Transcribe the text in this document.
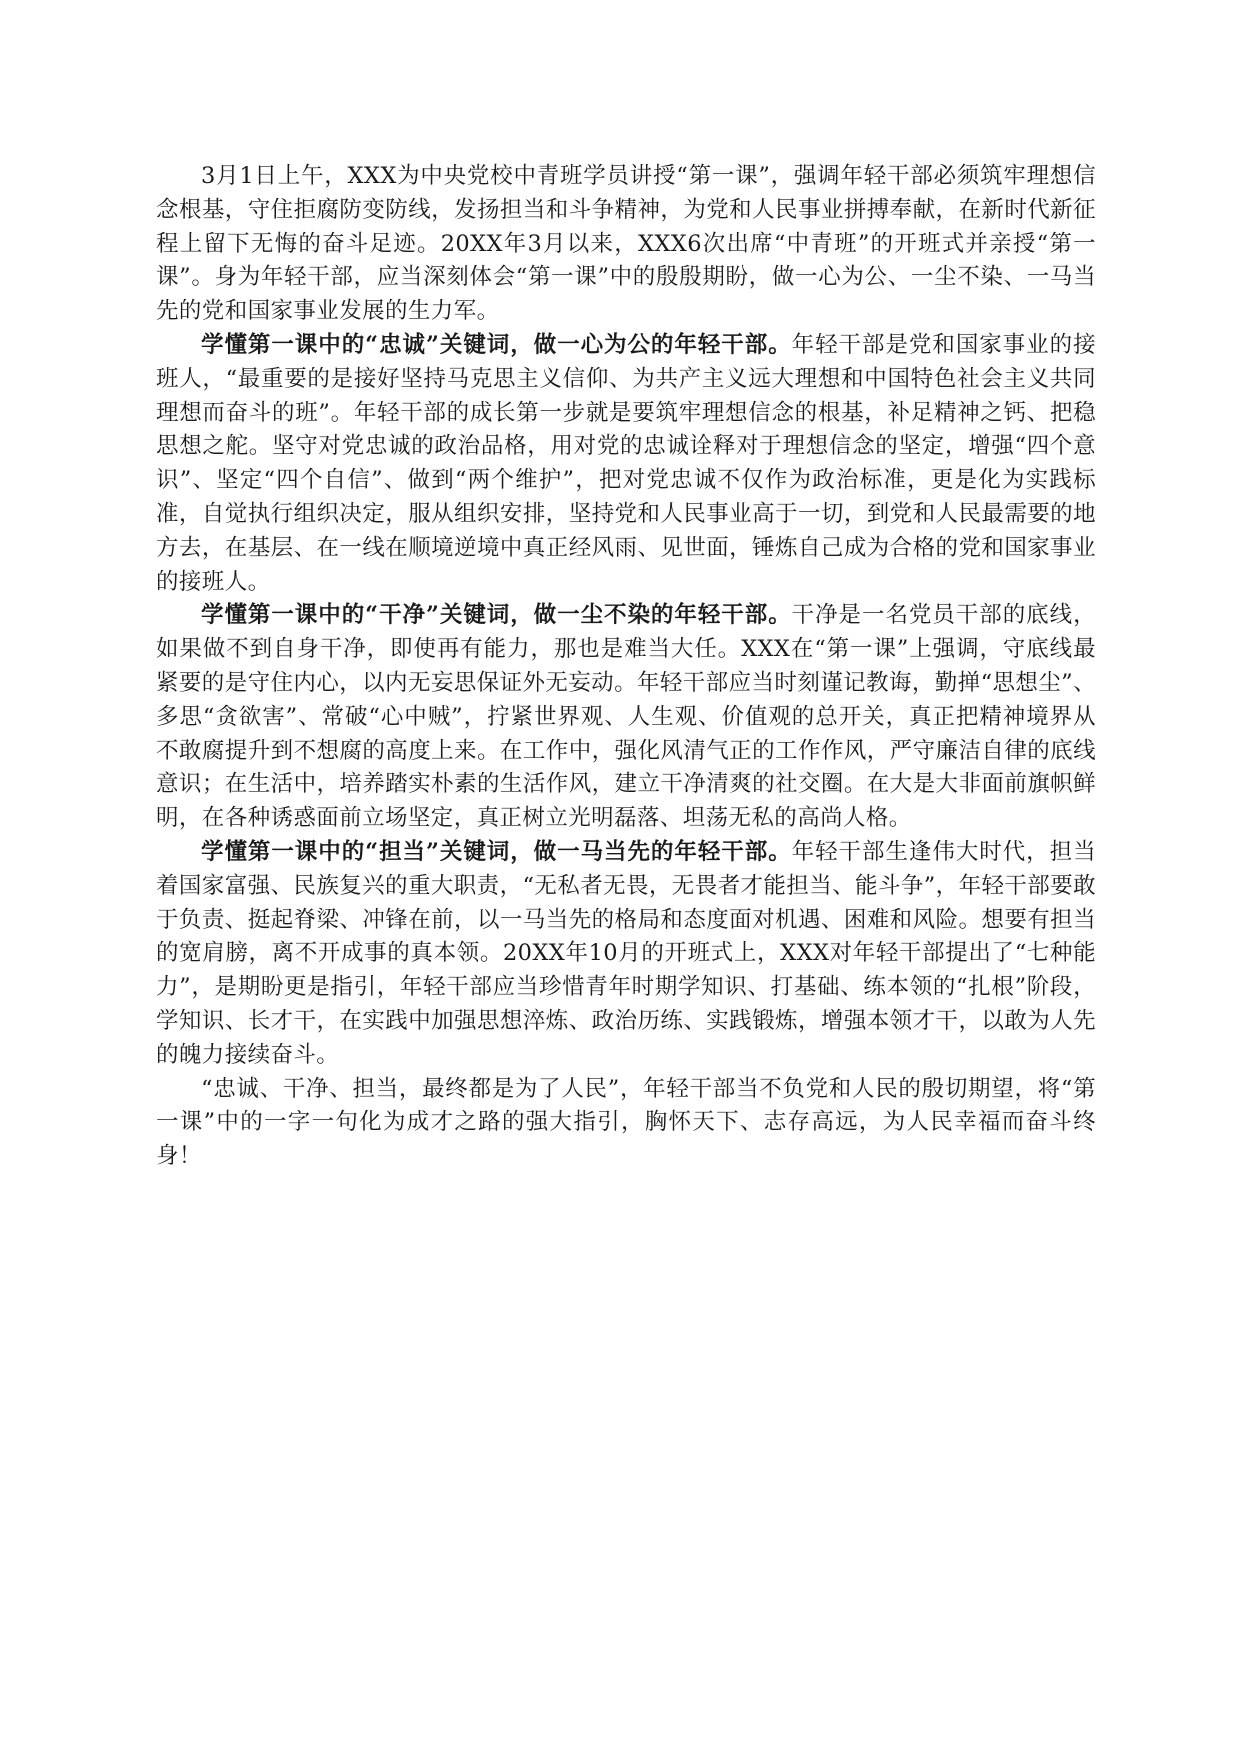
3月1日上午，XXX为中央党校中青班学员讲授“第一课”，强调年轻干部必须筑牢理想信念根基，守住拒腐防变防线，发扬担当和斗争精神，为党和人民事业拼搏奉献，在新时代新征程上留下无悔的奋斗足迹。20XX年3月以来，XXX6次出席“中青班”的开班式并亲授“第一课”。身为年轻干部，应当深刻体会“第一课”中的殷殷期盼，做一心为公、一尘不染、一马当先的党和国家事业发展的生力军。

学懂第一课中的“忠诚”关键词，做一心为公的年轻干部。年轻干部是党和国家事业的接班人，“最重要的是接好坚持马克思主义信仰、为共产主义远大理想和中国特色社会主义共同理想而奋斗的班”。年轻干部的成长第一步就是要筑牢理想信念的根基，补足精神之钙、把稳思想之舵。坚守对党忠诚的政治品格，用对党的忠诚诠释对于理想信念的坚定，增强“四个意识”、坚定“四个自信”、做到“两个维护”，把对党忠诚不仅作为政治标准，更是化为实践标准，自觉执行组织决定，服从组织安排，坚持党和人民事业高于一切，到党和人民最需要的地方去，在基层、在一线在顺境逆境中真正经风雨、见世面，锤炼自己成为合格的党和国家事业的接班人。

学懂第一课中的“干净”关键词，做一尘不染的年轻干部。干净是一名党员干部的底线，如果做不到自身干净，即使再有能力，那也是难当大任。XXX在“第一课”上强调，守底线最紧要的是守住内心，以内无妄思保证外无妄动。年轻干部应当时刻谨记教诲，勤掸“思想尘”、多思“贪欲害”、常破“心中贼”，拧紧世界观、人生观、价值观的总开关，真正把精神境界从不敢腐提升到不想腐的高度上来。在工作中，强化风清气正的工作作风，严守廉洁自律的底线意识；在生活中，培养踏实朴素的生活作风，建立干净清爽的社交圈。在大是大非面前旗帜鲜明，在各种诱惑面前立场坚定，真正树立光明磊落、坦荡无私的高尚人格。

学懂第一课中的“担当”关键词，做一马当先的年轻干部。年轻干部生逢伟大时代，担当着国家富强、民族复兴的重大职责，“无私者无畏，无畏者才能担当、能斗争”，年轻干部要敢于负责、挺起脊梁、冲锋在前，以一马当先的格局和态度面对机遇、困难和风险。想要有担当的宽肩膀，离不开成事的真本领。20XX年10月的开班式上，XXX对年轻干部提出了“七种能力”，是期盼更是指引，年轻干部应当珍惜青年时期学知识、打基础、练本领的“扎根”阶段，学知识、长才干，在实践中加强思想淬炼、政治历练、实践锻炼，增强本领才干，以敢为人先的魄力接续奋斗。

“忠诚、干净、担当，最终都是为了人民”，年轻干部当不负党和人民的殷切期望，将“第一课”中的一字一句化为成才之路的强大指引，胸怀天下、志存高远，为人民幸福而奋斗终身！
